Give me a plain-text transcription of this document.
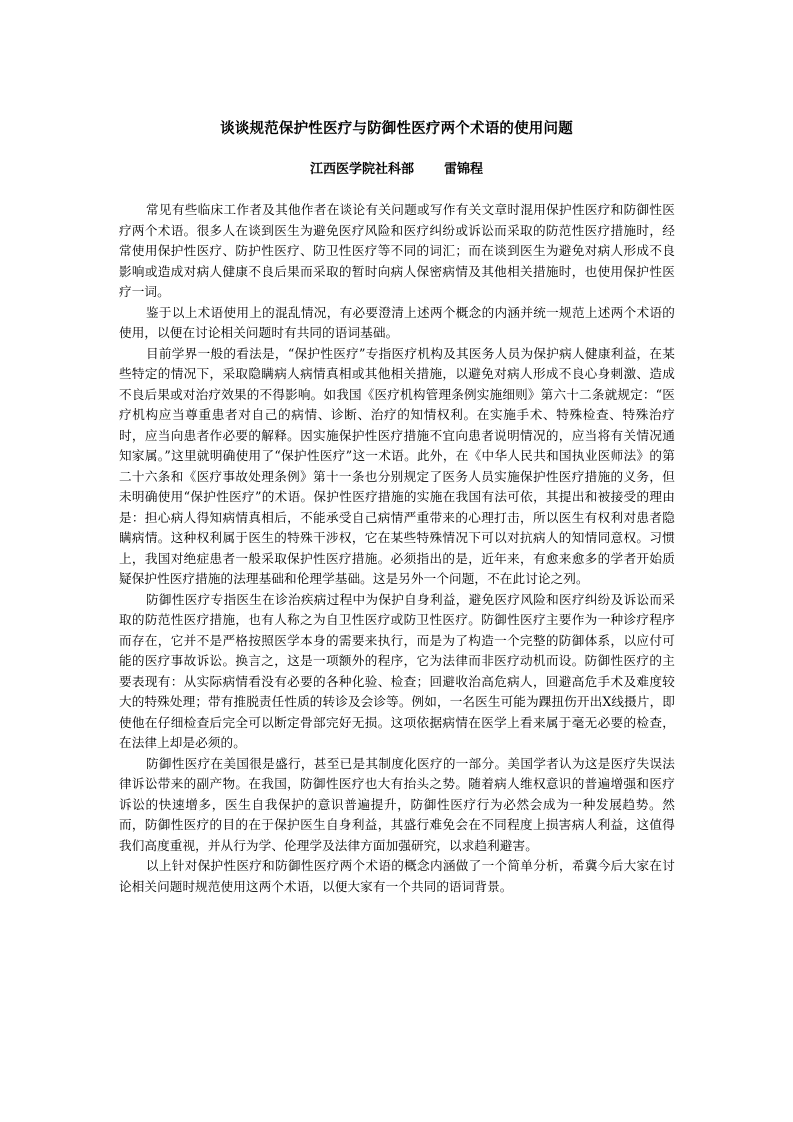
谈谈规范保护性医疗与防御性医疗两个术语的使用问题
江西医学院社科部 雷锦程

常见有些临床工作者及其他作者在谈论有关问题或写作有关文章时混用保护性医疗和防御性医疗两个术语。很多人在谈到医生为避免医疗风险和医疗纠纷或诉讼而采取的防范性医疗措施时，经常使用保护性医疗、防护性医疗、防卫性医疗等不同的词汇；而在谈到医生为避免对病人形成不良影响或造成对病人健康不良后果而采取的暂时向病人保密病情及其他相关措施时，也使用保护性医疗一词。

鉴于以上术语使用上的混乱情况，有必要澄清上述两个概念的内涵并统一规范上述两个术语的使用，以便在讨论相关问题时有共同的语词基础。

目前学界一般的看法是，“保护性医疗”专指医疗机构及其医务人员为保护病人健康利益，在某些特定的情况下，采取隐瞒病人病情真相或其他相关措施，以避免对病人形成不良心身刺激、造成不良后果或对治疗效果的不得影响。如我国《医疗机构管理条例实施细则》第六十二条就规定：“医疗机构应当尊重患者对自己的病情、诊断、治疗的知情权利。在实施手术、特殊检查、特殊治疗时，应当向患者作必要的解释。因实施保护性医疗措施不宜向患者说明情况的，应当将有关情况通知家属。”这里就明确使用了“保护性医疗”这一术语。此外，在《中华人民共和国执业医师法》的第二十六条和《医疗事故处理条例》第十一条也分别规定了医务人员实施保护性医疗措施的义务，但未明确使用“保护性医疗”的术语。保护性医疗措施的实施在我国有法可依，其提出和被接受的理由是：担心病人得知病情真相后，不能承受自己病情严重带来的心理打击，所以医生有权利对患者隐瞒病情。这种权利属于医生的特殊干涉权，它在某些特殊情况下可以对抗病人的知情同意权。习惯上，我国对绝症患者一般采取保护性医疗措施。必须指出的是，近年来，有愈来愈多的学者开始质疑保护性医疗措施的法理基础和伦理学基础。这是另外一个问题，不在此讨论之列。

防御性医疗专指医生在诊治疾病过程中为保护自身利益，避免医疗风险和医疗纠纷及诉讼而采取的防范性医疗措施，也有人称之为自卫性医疗或防卫性医疗。防御性医疗主要作为一种诊疗程序而存在，它并不是严格按照医学本身的需要来执行，而是为了构造一个完整的防御体系，以应付可能的医疗事故诉讼。换言之，这是一项额外的程序，它为法律而非医疗动机而设。防御性医疗的主要表现有：从实际病情看没有必要的各种化验、检查；回避收治高危病人，回避高危手术及难度较大的特殊处理；带有推脱责任性质的转诊及会诊等。例如，一名医生可能为踝扭伤开出X线摄片，即使他在仔细检查后完全可以断定骨部完好无损。这项依据病情在医学上看来属于毫无必要的检查，在法律上却是必须的。

防御性医疗在美国很是盛行，甚至已是其制度化医疗的一部分。美国学者认为这是医疗失误法律诉讼带来的副产物。在我国，防御性医疗也大有抬头之势。随着病人维权意识的普遍增强和医疗诉讼的快速增多，医生自我保护的意识普遍提升，防御性医疗行为必然会成为一种发展趋势。然而，防御性医疗的目的在于保护医生自身利益，其盛行难免会在不同程度上损害病人利益，这值得我们高度重视，并从行为学、伦理学及法律方面加强研究，以求趋利避害。

以上针对保护性医疗和防御性医疗两个术语的概念内涵做了一个简单分析，希冀今后大家在讨论相关问题时规范使用这两个术语，以便大家有一个共同的语词背景。
